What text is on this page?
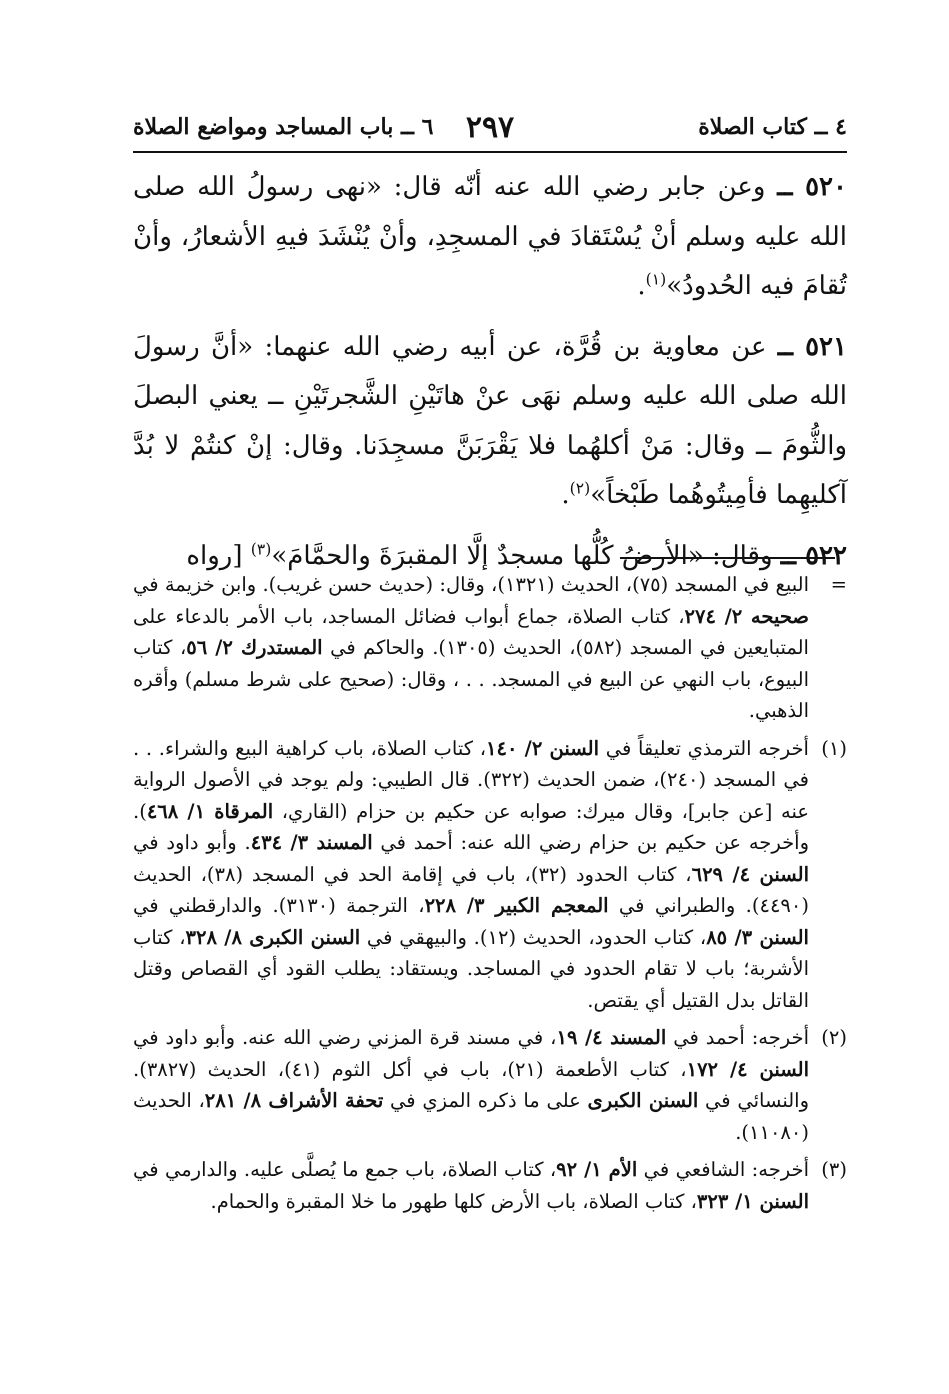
٤ ــ كتاب الصلاة
٢٩٧
٦ ــ باب المساجد ومواضع الصلاة

٥٢٠ ــ وعن جابر رضي الله عنه أنّه قال: «نهى رسولُ الله صلى الله عليه وسلم أنْ يُسْتَقادَ في المسجِدِ، وأنْ يُنْشَدَ فيهِ الأشعارُ، وأنْ تُقامَ فيه الحُدودُ»$^{(١)}$.

٥٢١ ــ عن معاوية بن قُرَّة، عن أبيه رضي الله عنهما: «أنَّ رسولَ الله صلى الله عليه وسلم نهَى عنْ هاتَيْنِ الشَّجرتَيْنِ ــ يعني البصلَ والثُّومَ ــ وقال: مَنْ أكلهُما فلا يَقْرَبَنَّ مسجِدَنا. وقال: إنْ كنتُمْ لا بُدَّ آكليهِما فأمِيتُوهُما طَبْخاً»$^{(٢)}$.

٥٢٢ ــ وقال: «الأرضُ كُلُّها مسجدٌ إلَّا المقبرَةَ والحمَّامَ»$^{(٣)}$ [رواه

=
البيع في المسجد (٧٥)، الحديث (١٣٢١)، وقال: (حديث حسن غريب). وابن خزيمة في صحيحه ٢/ ٢٧٤، كتاب الصلاة، جماع أبواب فضائل المساجد، باب الأمر بالدعاء على المتبايعين في المسجد (٥٨٢)، الحديث (١٣٠٥). والحاكم في المستدرك ٢/ ٥٦، كتاب البيوع، باب النهي عن البيع في المسجد. . . ، وقال: (صحيح على شرط مسلم) وأقره الذهبي.

(١)
أخرجه الترمذي تعليقاً في السنن ٢/ ١٤٠، كتاب الصلاة، باب كراهية البيع والشراء. . . في المسجد (٢٤٠)، ضمن الحديث (٣٢٢). قال الطيبي: ولم يوجد في الأصول الرواية عنه [عن جابر]، وقال ميرك: صوابه عن حكيم بن حزام (القاري، المرقاة ١/ ٤٦٨). وأخرجه عن حكيم بن حزام رضي الله عنه: أحمد في المسند ٣/ ٤٣٤. وأبو داود في السنن ٤/ ٦٢٩، كتاب الحدود (٣٢)، باب في إقامة الحد في المسجد (٣٨)، الحديث (٤٤٩٠). والطبراني في المعجم الكبير ٣/ ٢٢٨، الترجمة (٣١٣٠). والدارقطني في السنن ٣/ ٨٥، كتاب الحدود، الحديث (١٢). والبيهقي في السنن الكبرى ٨/ ٣٢٨، كتاب الأشربة؛ باب لا تقام الحدود في المساجد. ويستقاد: يطلب القود أي القصاص وقتل القاتل بدل القتيل أي يقتص.

(٢)
أخرجه: أحمد في المسند ٤/ ١٩، في مسند قرة المزني رضي الله عنه. وأبو داود في السنن ٤/ ١٧٢، كتاب الأطعمة (٢١)، باب في أكل الثوم (٤١)، الحديث (٣٨٢٧). والنسائي في السنن الكبرى على ما ذكره المزي في تحفة الأشراف ٨/ ٢٨١، الحديث (١١٠٨٠).

(٣)
أخرجه: الشافعي في الأم ١/ ٩٢، كتاب الصلاة، باب جمع ما يُصلَّى عليه. والدارمي في السنن ١/ ٣٢٣، كتاب الصلاة، باب الأرض كلها طهور ما خلا المقبرة والحمام.
